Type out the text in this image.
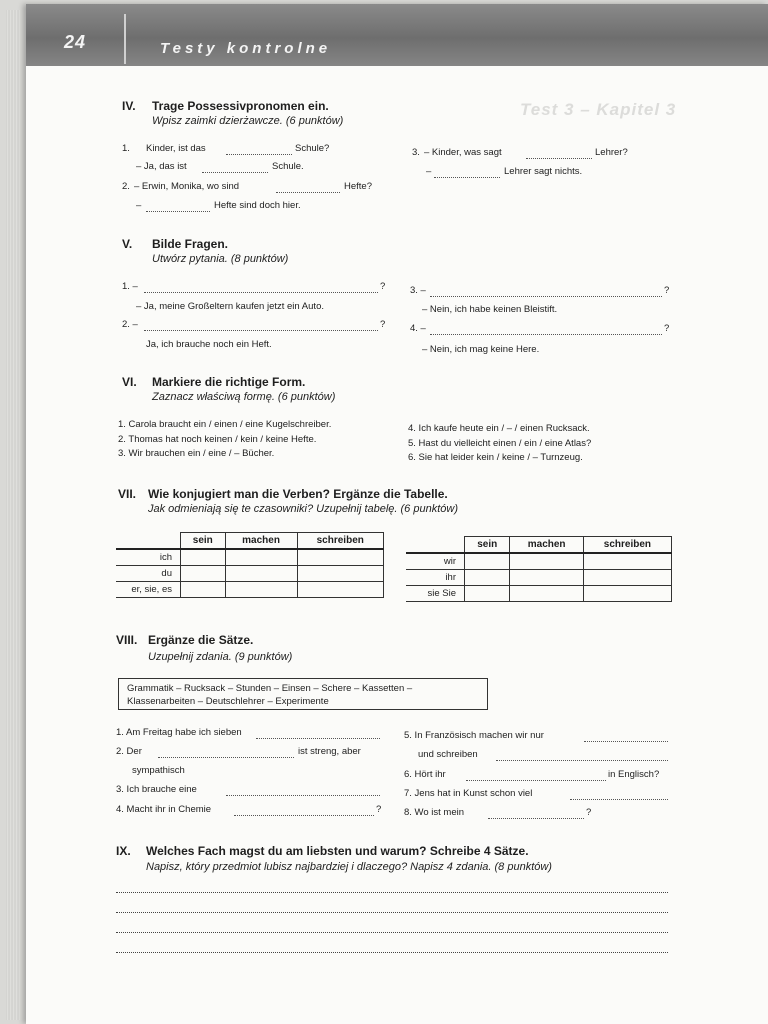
24	Testy kontrolne
Test 3 – Kapitel 3
IV. Trage Possessivpronomen ein.
Wpisz zaimki dzierżawcze. (6 punktów)
1. Kinder, ist das	Schule?
– Ja, das ist	Schule.
2. – Erwin, Monika, wo sind	Hefte?
–	Hefte sind doch hier.
3. – Kinder, was sagt	Lehrer?
–	Lehrer sagt nichts.
V. Bilde Fragen.
Utwórz pytania. (8 punktów)
1. –	?
– Ja, meine Großeltern kaufen jetzt ein Auto.
2. –	?
Ja, ich brauche noch ein Heft.
3. –	?
– Nein, ich habe keinen Bleistift.
4. –	?
– Nein, ich mag keine Here.
VI. Markiere die richtige Form.
Zaznacz właściwą formę. (6 punktów)
1. Carola braucht ein / einen / eine Kugelschreiber.
2. Thomas hat noch keinen / kein / keine Hefte.
3. Wir brauchen ein / eine / – Bücher.
4. Ich kaufe heute ein / – / einen Rucksack.
5. Hast du vielleicht einen / ein / eine Atlas?
6. Sie hat leider kein / keine / – Turnzeug.
VII. Wie konjugiert man die Verben? Ergänze die Tabelle.
Jak odmieniają się te czasowniki? Uzupełnij tabelę. (6 punktów)
	sein	machen	schreiben
ich			
du			
er, sie, es			
	sein	machen	schreiben
wir			
ihr			
sie Sie			
VIII. Ergänze die Sätze.
Uzupełnij zdania. (9 punktów)
Grammatik – Rucksack – Stunden – Einsen – Schere – Kassetten –
Klassenarbeiten – Deutschlehrer – Experimente
1. Am Freitag habe ich sieben
2. Der	ist streng, aber
sympathisch
3. Ich brauche eine
4. Macht ihr in Chemie	?
5. In Französisch machen wir nur
und schreiben
6. Hört ihr	in Englisch?
7. Jens hat in Kunst schon viel
8. Wo ist mein	?
IX. Welches Fach magst du am liebsten und warum? Schreibe 4 Sätze.
Napisz, który przedmiot lubisz najbardziej i dlaczego? Napisz 4 zdania. (8 punktów)
